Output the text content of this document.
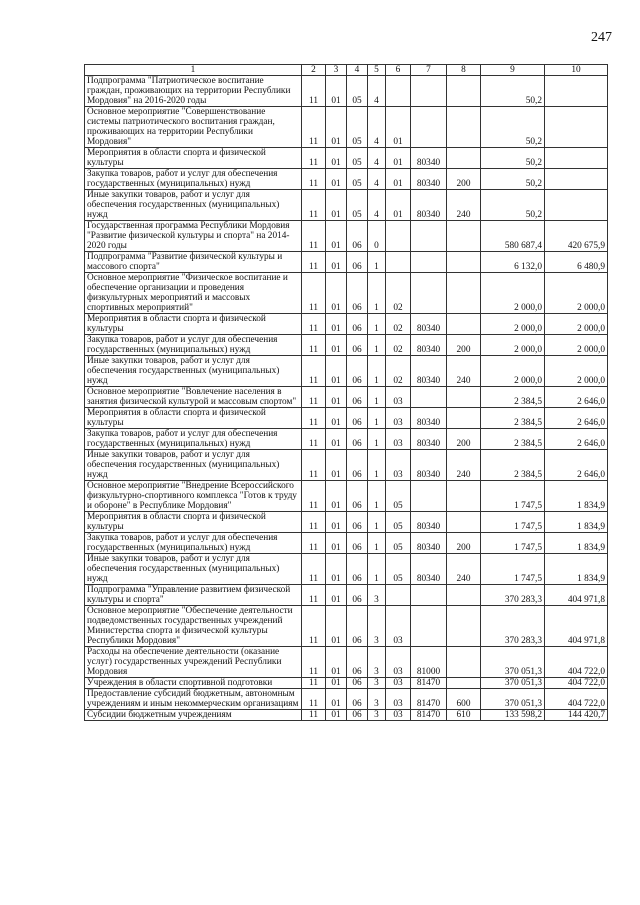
247
1	2	3	4	5	6	7	8	9	10
Подпрограмма "Патриотическое воспитание граждан, проживающих на территории Республики Мордовия" на 2016-2020 годы	11	01	05	4				50,2	
Основное мероприятие "Совершенствование системы патриотического воспитания граждан, проживающих на территории Республики Мордовия"	11	01	05	4	01			50,2	
Мероприятия в области спорта и физической культуры	11	01	05	4	01	80340		50,2	
Закупка товаров, работ и услуг для обеспечения государственных (муниципальных) нужд	11	01	05	4	01	80340	200	50,2	
Иные закупки товаров, работ и услуг для обеспечения государственных (муниципальных) нужд	11	01	05	4	01	80340	240	50,2	
Государственная программа Республики Мордовия "Развитие физической культуры и спорта" на 2014-2020 годы	11	01	06	0				580 687,4	420 675,9
Подпрограмма "Развитие физической культуры и массового спорта"	11	01	06	1				6 132,0	6 480,9
Основное мероприятие "Физическое воспитание и обеспечение организации и проведения физкультурных мероприятий и массовых спортивных мероприятий"	11	01	06	1	02			2 000,0	2 000,0
Мероприятия в области спорта и физической культуры	11	01	06	1	02	80340		2 000,0	2 000,0
Закупка товаров, работ и услуг для обеспечения государственных (муниципальных) нужд	11	01	06	1	02	80340	200	2 000,0	2 000,0
Иные закупки товаров, работ и услуг для обеспечения государственных (муниципальных) нужд	11	01	06	1	02	80340	240	2 000,0	2 000,0
Основное мероприятие "Вовлечение населения в занятия физической культурой и массовым спортом"	11	01	06	1	03			2 384,5	2 646,0
Мероприятия в области спорта и физической культуры	11	01	06	1	03	80340		2 384,5	2 646,0
Закупка товаров, работ и услуг для обеспечения государственных (муниципальных) нужд	11	01	06	1	03	80340	200	2 384,5	2 646,0
Иные закупки товаров, работ и услуг для обеспечения государственных (муниципальных) нужд	11	01	06	1	03	80340	240	2 384,5	2 646,0
Основное мероприятие "Внедрение Всероссийского физкультурно-спортивного комплекса "Готов к труду и обороне" в Республике Мордовия"	11	01	06	1	05			1 747,5	1 834,9
Мероприятия в области спорта и физической культуры	11	01	06	1	05	80340		1 747,5	1 834,9
Закупка товаров, работ и услуг для обеспечения государственных (муниципальных) нужд	11	01	06	1	05	80340	200	1 747,5	1 834,9
Иные закупки товаров, работ и услуг для обеспечения государственных (муниципальных) нужд	11	01	06	1	05	80340	240	1 747,5	1 834,9
Подпрограмма "Управление развитием физической культуры и спорта"	11	01	06	3				370 283,3	404 971,8
Основное мероприятие "Обеспечение деятельности подведомственных государственных учреждений Министерства спорта и физической культуры Республики Мордовия"	11	01	06	3	03			370 283,3	404 971,8
Расходы на обеспечение деятельности (оказание услуг) государственных учреждений Республики Мордовия	11	01	06	3	03	81000		370 051,3	404 722,0
Учреждения в области спортивной подготовки	11	01	06	3	03	81470		370 051,3	404 722,0
Предоставление субсидий бюджетным, автономным учреждениям и иным некоммерческим организациям	11	01	06	3	03	81470	600	370 051,3	404 722,0
Субсидии бюджетным учреждениям	11	01	06	3	03	81470	610	133 598,2	144 420,7
